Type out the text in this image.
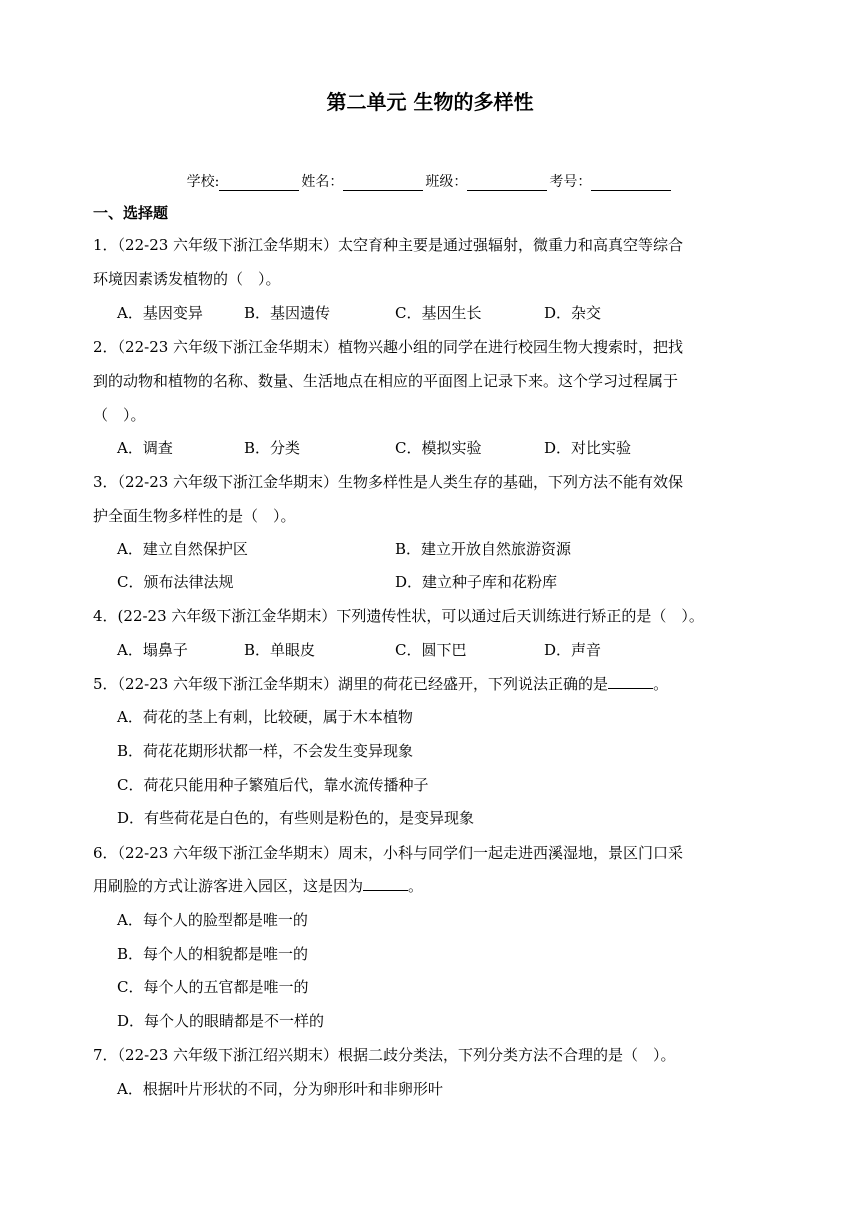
第二单元 生物的多样性
学校:	姓名：	班级：	考号：
一、选择题
1．（22-23 六年级下浙江金华期末）太空育种主要是通过强辐射，微重力和高真空等综合
环境因素诱发植物的（　）。
A．基因变异	B．基因遗传	C．基因生长	D．杂交
2．（22-23 六年级下浙江金华期末）植物兴趣小组的同学在进行校园生物大搜索时，把找
到的动物和植物的名称、数量、生活地点在相应的平面图上记录下来。这个学习过程属于
（　）。
A．调查	B．分类	C．模拟实验	D．对比实验
3．（22-23 六年级下浙江金华期末）生物多样性是人类生存的基础，下列方法不能有效保
护全面生物多样性的是（　）。
A．建立自然保护区	B．建立开放自然旅游资源
C．颁布法律法规	D．建立种子库和花粉库
4．(22-23 六年级下浙江金华期末）下列遗传性状，可以通过后天训练进行矫正的是（　）。
A．塌鼻子	B．单眼皮	C．圆下巴	D．声音
5．（22-23 六年级下浙江金华期末）湖里的荷花已经盛开，下列说法正确的是	。
A．荷花的茎上有刺，比较硬，属于木本植物
B．荷花花期形状都一样，不会发生变异现象
C．荷花只能用种子繁殖后代，靠水流传播种子
D．有些荷花是白色的，有些则是粉色的，是变异现象
6．（22-23 六年级下浙江金华期末）周末，小科与同学们一起走进西溪湿地，景区门口采
用刷脸的方式让游客进入园区，这是因为	。
A．每个人的脸型都是唯一的
B．每个人的相貌都是唯一的
C．每个人的五官都是唯一的
D．每个人的眼睛都是不一样的
7．（22-23 六年级下浙江绍兴期末）根据二歧分类法，下列分类方法不合理的是（　）。
A．根据叶片形状的不同，分为卵形叶和非卵形叶
